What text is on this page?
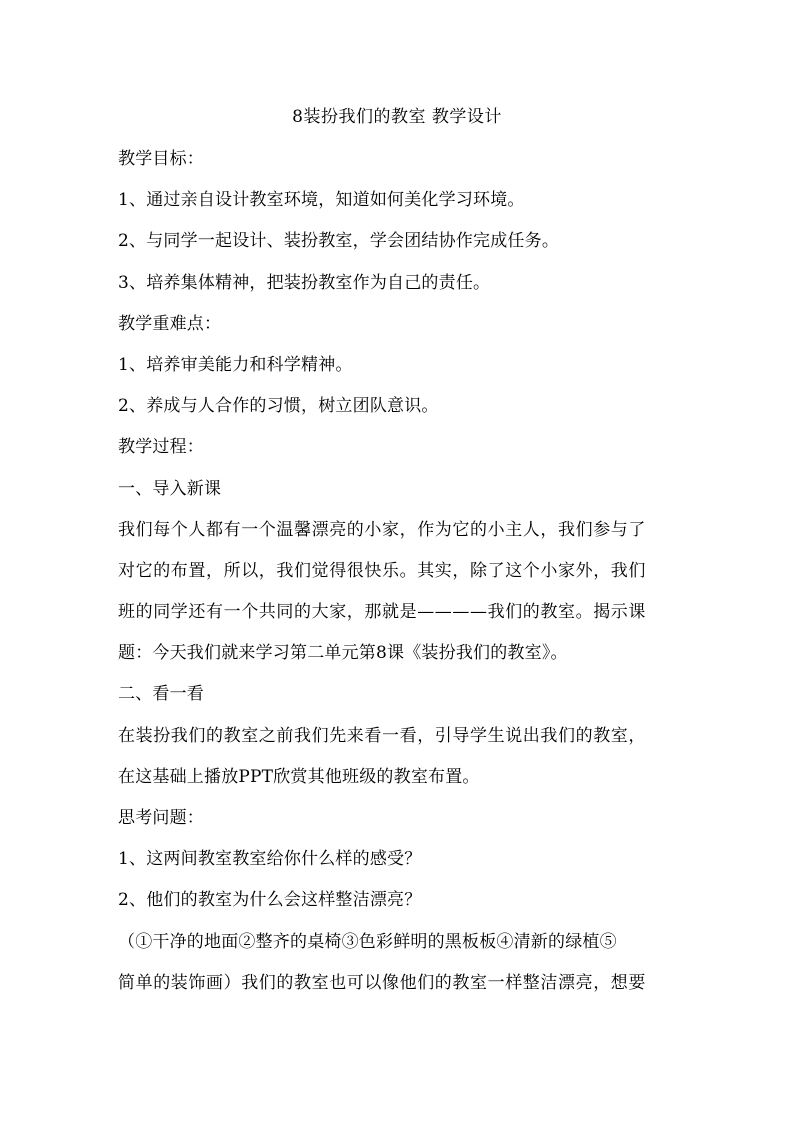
8装扮我们的教室 教学设计
教学目标：
1、通过亲自设计教室环境，知道如何美化学习环境。
2、与同学一起设计、装扮教室，学会团结协作完成任务。
3、培养集体精神，把装扮教室作为自己的责任。
教学重难点：
1、培养审美能力和科学精神。
2、养成与人合作的习惯，树立团队意识。
教学过程：
一、导入新课
我们每个人都有一个温馨漂亮的小家，作为它的小主人，我们参与了
对它的布置，所以，我们觉得很快乐。其实，除了这个小家外，我们
班的同学还有一个共同的大家，那就是————我们的教室。揭示课
题：今天我们就来学习第二单元第8课《装扮我们的教室》。
二、看一看
在装扮我们的教室之前我们先来看一看，引导学生说出我们的教室，
在这基础上播放PPT欣赏其他班级的教室布置。
思考问题：
1、这两间教室教室给你什么样的感受？
2、他们的教室为什么会这样整洁漂亮？
（①干净的地面②整齐的桌椅③色彩鲜明的黑板板④清新的绿植⑤
简单的装饰画）我们的教室也可以像他们的教室一样整洁漂亮，想要
